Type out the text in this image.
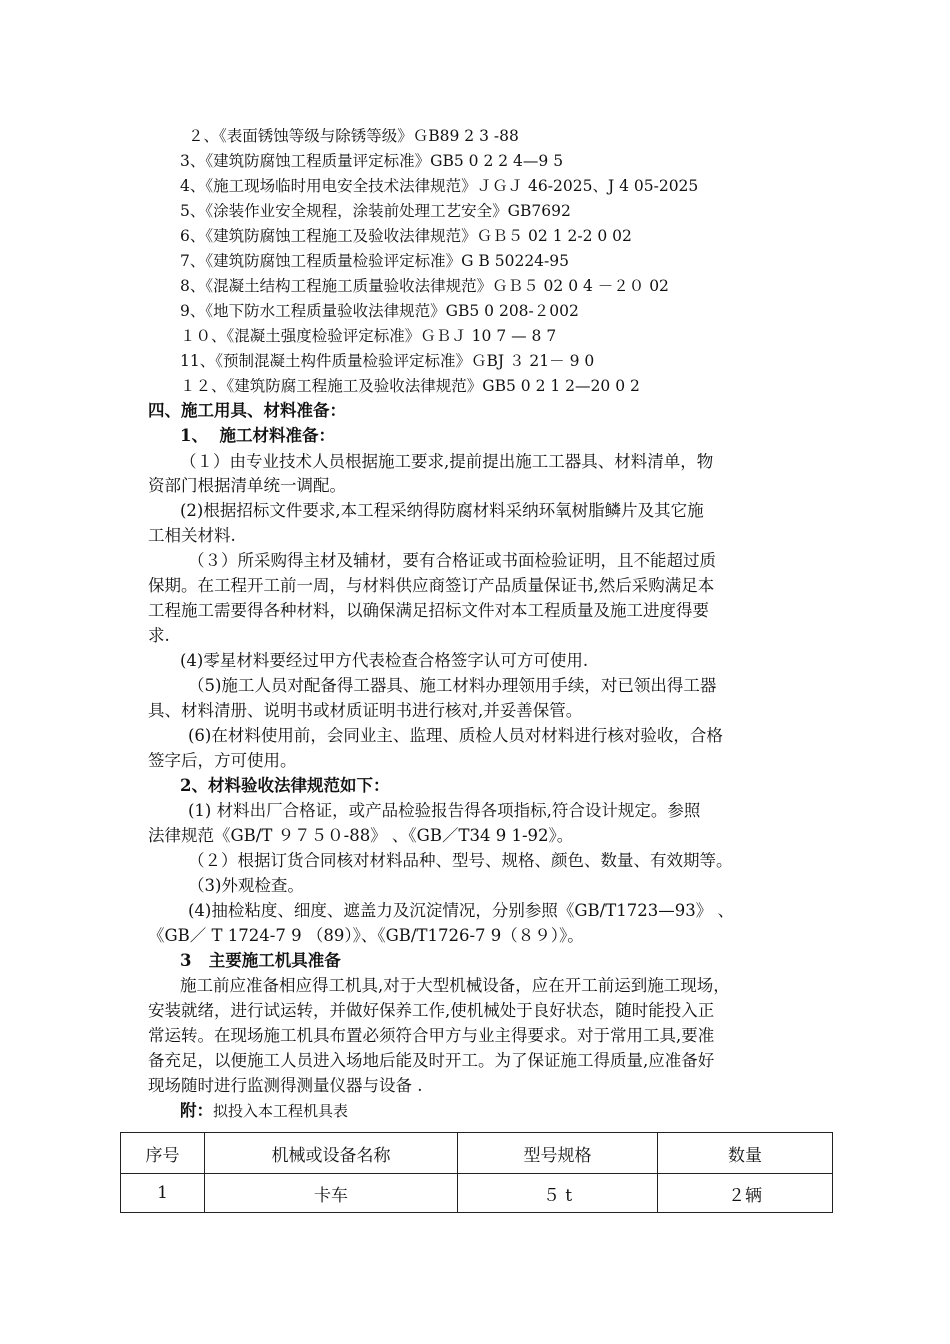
２、《表面锈蚀等级与除锈等级》ＧB89 2 3 -88
3、《建筑防腐蚀工程质量评定标准》GB5 0 2 2 4—9 5
4、《施工现场临时用电安全技术法律规范》ＪＧＪ 46-2025、J 4 05-2025
5、《涂装作业安全规程，涂装前处理工艺安全》GB7692
6、《建筑防腐蚀工程施工及验收法律规范》ＧＢ５ 02 1 2-2 0 02
7、《建筑防腐蚀工程质量检验评定标准》G B 50224-95
8、《混凝土结构工程施工质量验收法律规范》ＧＢ５ 02 0 4 －２０ 02
9、《地下防水工程质量验收法律规范》GB5 0 208-２002
１０、《混凝土强度检验评定标准》ＧＢＪ 10 7 — 8 7
11、《预制混凝土构件质量检验评定标准》ＧBJ ３ 21－ 9 0
１２、《建筑防腐工程施工及验收法律规范》GB5 0 2 1 2—20 0 2
四、施工用具、材料准备：
1、  施工材料准备：
（１）由专业技术人员根据施工要求,提前提出施工工器具、材料清单，物
资部门根据清单统一调配。
(2)根据招标文件要求,本工程采纳得防腐材料采纳环氧树脂鳞片及其它施
工相关材料.
（３）所采购得主材及辅材，要有合格证或书面检验证明，且不能超过质
保期。在工程开工前一周，与材料供应商签订产品质量保证书,然后采购满足本
工程施工需要得各种材料，以确保满足招标文件对本工程质量及施工进度得要
求.
(4)零星材料要经过甲方代表检查合格签字认可方可使用.
（5)施工人员对配备得工器具、施工材料办理领用手续，对已领出得工器
具、材料清册、说明书或材质证明书进行核对,并妥善保管。
(6)在材料使用前，会同业主、监理、质检人员对材料进行核对验收，合格
签字后，方可使用。
2、材料验收法律规范如下：
(1) 材料出厂合格证，或产品检验报告得各项指标,符合设计规定。参照
法律规范《GB/T ９７５０-88》 、《GB／T34 9 1-92》。
（２）根据订货合同核对材料品种、型号、规格、颜色、数量、有效期等。
（3)外观检查。
(4)抽检粘度、细度、遮盖力及沉淀情况，分别参照《GB/T1723—93》 、
《GB／ T 1724-7 9 （89）》、《GB/T1726-7 9（８９）》。
3   主要施工机具准备
施工前应准备相应得工机具,对于大型机械设备，应在开工前运到施工现场，
安装就绪，进行试运转，并做好保养工作,使机械处于良好状态，随时能投入正
常运转。在现场施工机具布置必须符合甲方与业主得要求。对于常用工具,要准
备充足，以便施工人员进入场地后能及时开工。为了保证施工得质量,应准备好
现场随时进行监测得测量仪器与设备 .
附：拟投入本工程机具表
序号	机械或设备名称	型号规格	数量
1	卡车	５ t	２辆
